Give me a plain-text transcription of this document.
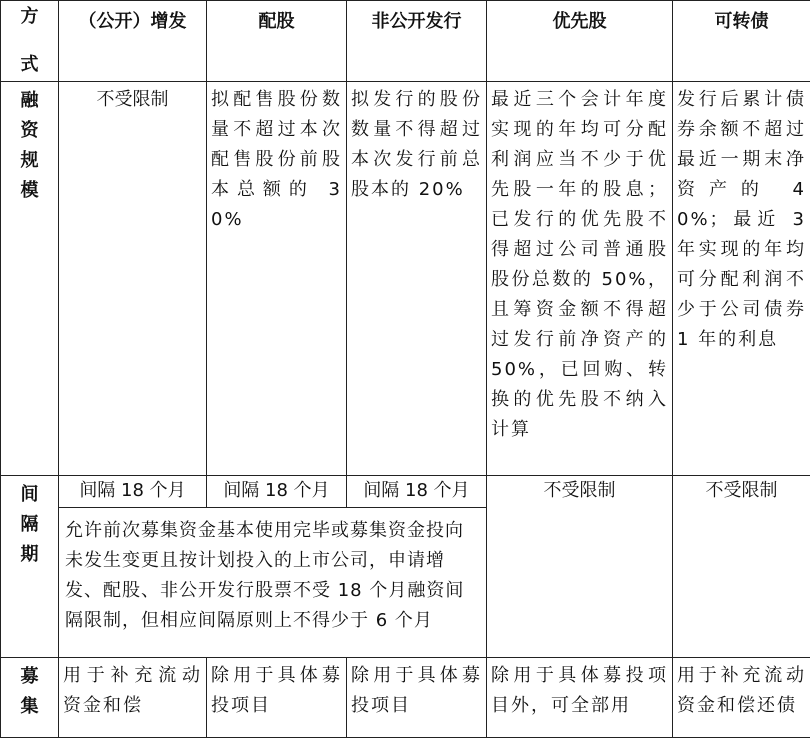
方

式	（公开）增发	配股	非公开发行	优先股	可转债
融
资
规
模	不受限制	拟配售股份数量不超过本次配售股份前股本总额的 30%	拟发行的股份数量不得超过本次发行前总股本的 20%	最近三个会计年度实现的年均可分配利润应当不少于优先股一年的股息；已发行的优先股不得超过公司普通股股份总数的 50%，且筹资金额不得超过发行前净资产的 50%，已回购、转换的优先股不纳入计算	发行后累计债券余额不超过最近一期末净资产的 40%；最近 3 年实现的年均可分配利润不少于公司债券 1 年的利息
间
隔
期	间隔 18 个月	间隔 18 个月	间隔 18 个月	不受限制	不受限制
	允许前次募集资金基本使用完毕或募集资金投向未发生变更且按计划投入的上市公司，申请增发、配股、非公开发行股票不受 18 个月融资间隔限制，但相应间隔原则上不得少于 6 个月				
募
集	用于补充流动资金和偿	除用于具体募投项目	除用于具体募投项目	除用于具体募投项目外，可全部用	用于补充流动资金和偿还债
